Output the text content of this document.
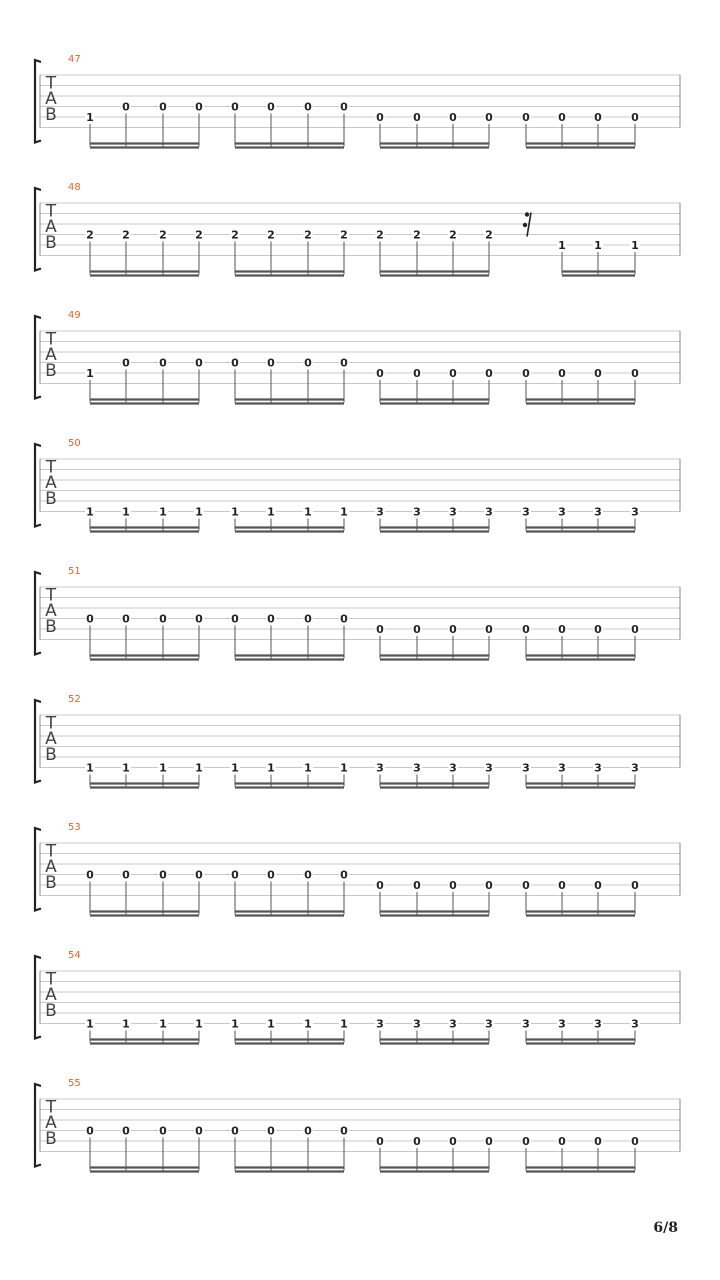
47
T
A
B	1
0	0	0	0	0	0	0
0	0	0	0	0	0	0	0
48
T
A
B	2	2	2	2	2	2	2	2	2	2	2	2
1	1	1
49
T
A
B	1
0	0	0	0	0	0	0
0	0	0	0	0	0	0	0
50
T
A
B
1	1	1	1	1	1	1	1	3	3	3	3	3	3	3	3
51
T
A
B	0	0	0	0	0	0	0	0
0	0	0	0	0	0	0	0
52
T
A
B
1	1	1	1	1	1	1	1	3	3	3	3	3	3	3	3
53
T
A
B	0	0	0	0	0	0	0	0
0	0	0	0	0	0	0	0
54
T
A
B
1	1	1	1	1	1	1	1	3	3	3	3	3	3	3	3
55
T
A
B	0	0	0	0	0	0	0	0
0	0	0	0	0	0	0	0
6/8
